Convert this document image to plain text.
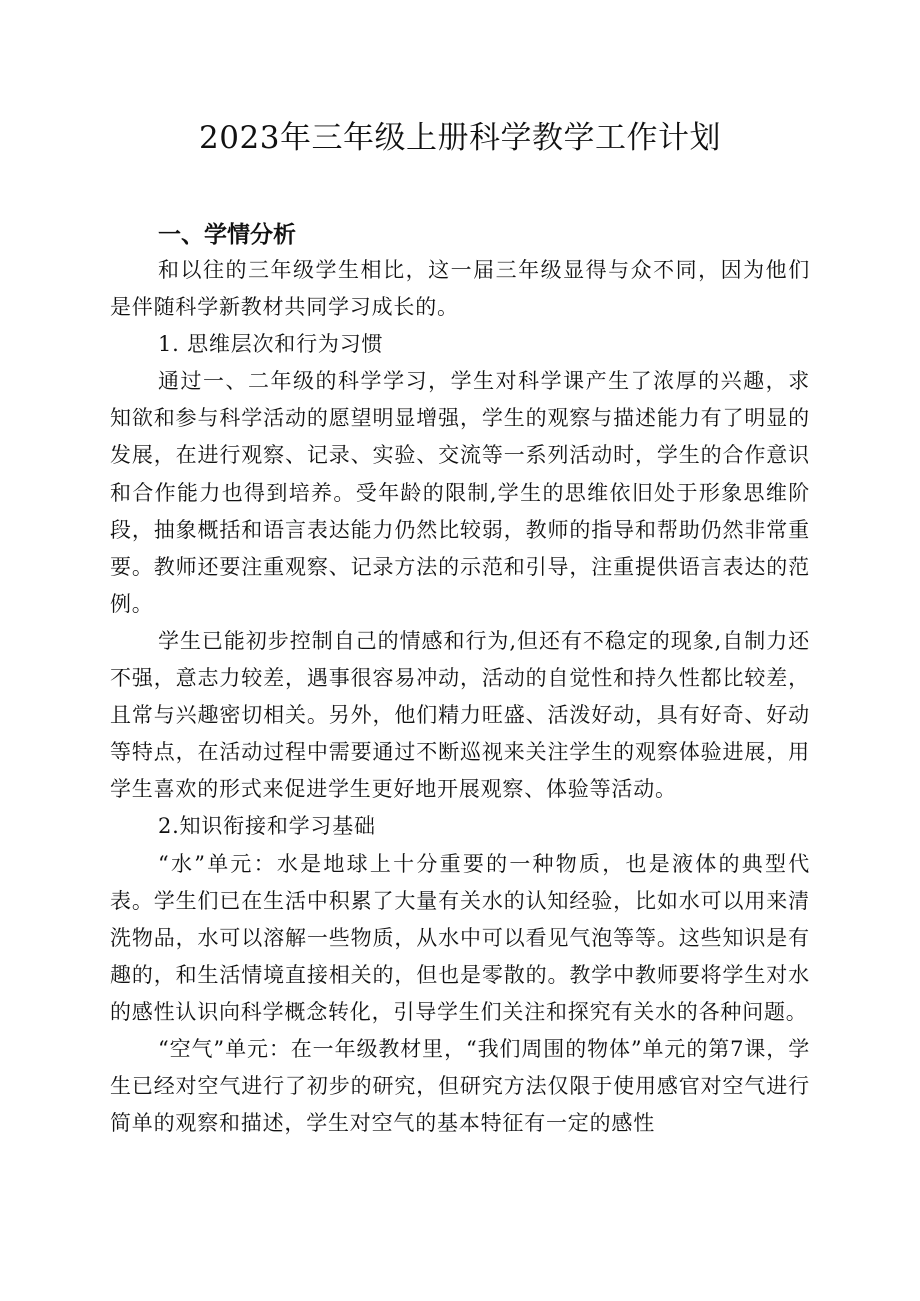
2023年三年级上册科学教学工作计划
一、学情分析

和以往的三年级学生相比，这一届三年级显得与众不同，因为他们是伴随科学新教材共同学习成长的。

1. 思维层次和行为习惯

通过一、二年级的科学学习，学生对科学课产生了浓厚的兴趣，求知欲和参与科学活动的愿望明显增强，学生的观察与描述能力有了明显的发展，在进行观察、记录、实验、交流等一系列活动时，学生的合作意识和合作能力也得到培养。受年龄的限制,学生的思维依旧处于形象思维阶段，抽象概括和语言表达能力仍然比较弱，教师的指导和帮助仍然非常重要。教师还要注重观察、记录方法的示范和引导，注重提供语言表达的范例。

学生已能初步控制自己的情感和行为,但还有不稳定的现象,自制力还不强，意志力较差，遇事很容易冲动，活动的自觉性和持久性都比较差，且常与兴趣密切相关。另外，他们精力旺盛、活泼好动，具有好奇、好动等特点，在活动过程中需要通过不断巡视来关注学生的观察体验进展，用学生喜欢的形式来促进学生更好地开展观察、体验等活动。

2.知识衔接和学习基础

“水”单元：水是地球上十分重要的一种物质，也是液体的典型代表。学生们已在生活中积累了大量有关水的认知经验，比如水可以用来清洗物品，水可以溶解一些物质，从水中可以看见气泡等等。这些知识是有趣的，和生活情境直接相关的，但也是零散的。教学中教师要将学生对水的感性认识向科学概念转化，引导学生们关注和探究有关水的各种问题。

“空气”单元：在一年级教材里，“我们周围的物体”单元的第7课，学生已经对空气进行了初步的研究，但研究方法仅限于使用感官对空气进行简单的观察和描述，学生对空气的基本特征有一定的感性
